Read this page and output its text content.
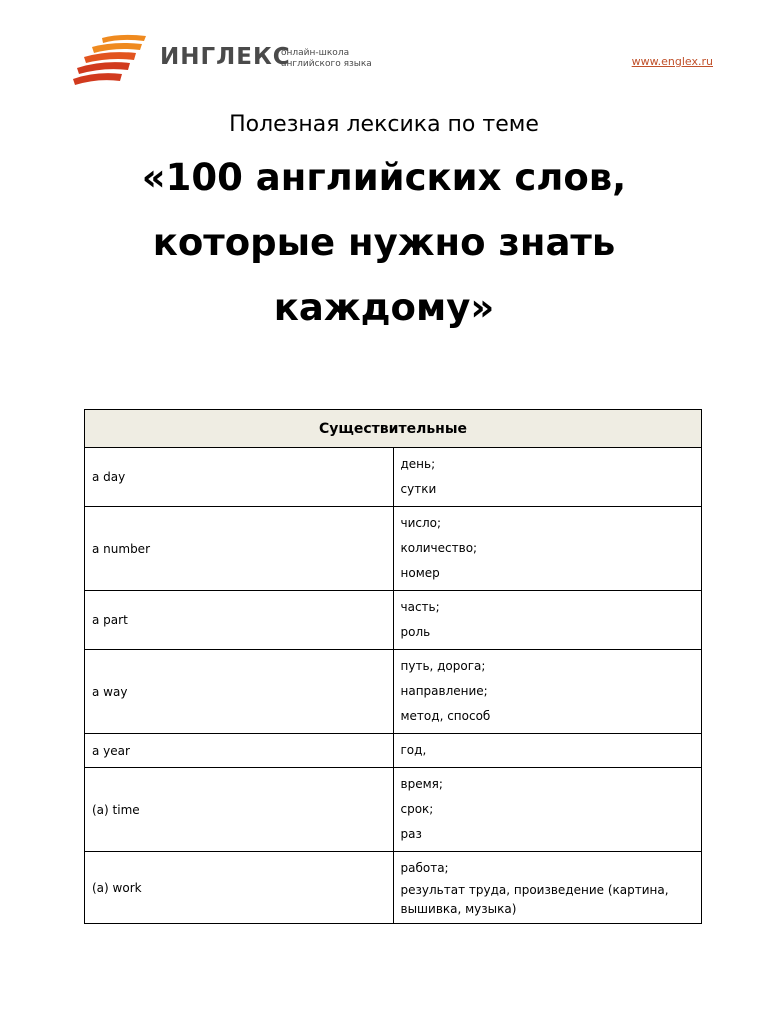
ИНГЛЕКС
онлайн-школа
английского языка	www.englex.ru
Полезная лексика по теме
«100 английских слов,
которые нужно знать
каждому»
Существительные	
a day	день;
сутки

a number	число;
количество;
номер

a part	часть;
роль

a way	путь, дорога;
направление;
метод, способ

a year	год,

(a) time	время;
срок;
раз

(a) work	работа;
результат труда, произведение (картина, вышивка, музыка)
